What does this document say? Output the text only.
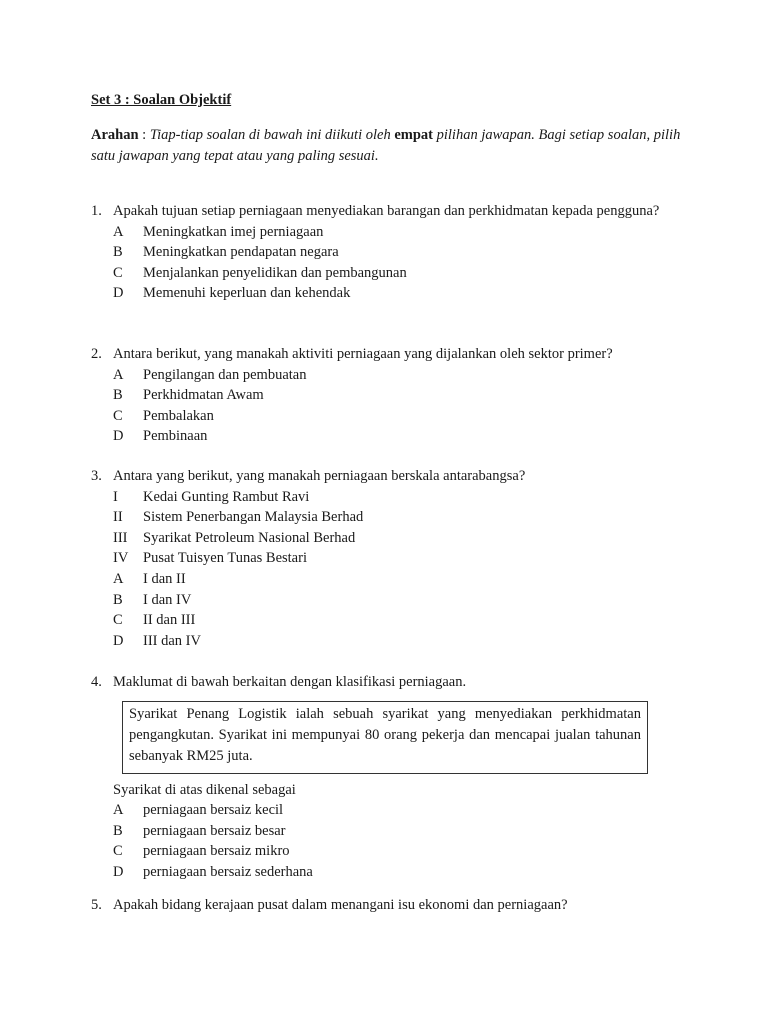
Set 3 : Soalan Objektif
Arahan : Tiap-tiap soalan di bawah ini diikuti oleh empat pilihan jawapan. Bagi setiap soalan, pilih satu jawapan yang tepat atau yang paling sesuai.
1. Apakah tujuan setiap perniagaan menyediakan barangan dan perkhidmatan kepada pengguna?
A Meningkatkan imej perniagaan
B Meningkatkan pendapatan negara
C Menjalankan penyelidikan dan pembangunan
D Memenuhi keperluan dan kehendak
2. Antara berikut, yang manakah aktiviti perniagaan yang dijalankan oleh sektor primer?
A Pengilangan dan pembuatan
B Perkhidmatan Awam
C Pembalakan
D Pembinaan
3. Antara yang berikut, yang manakah perniagaan berskala antarabangsa?
I Kedai Gunting Rambut Ravi
II Sistem Penerbangan Malaysia Berhad
III Syarikat Petroleum Nasional Berhad
IV Pusat Tuisyen Tunas Bestari
A I dan II
B I dan IV
C II dan III
D III dan IV
4. Maklumat di bawah berkaitan dengan klasifikasi perniagaan.
Syarikat Penang Logistik ialah sebuah syarikat yang menyediakan perkhidmatan pengangkutan. Syarikat ini mempunyai 80 orang pekerja dan mencapai jualan tahunan sebanyak RM25 juta.
Syarikat di atas dikenal sebagai
A perniagaan bersaiz kecil
B perniagaan bersaiz besar
C perniagaan bersaiz mikro
D perniagaan bersaiz sederhana
5. Apakah bidang kerajaan pusat dalam menangani isu ekonomi dan perniagaan?
